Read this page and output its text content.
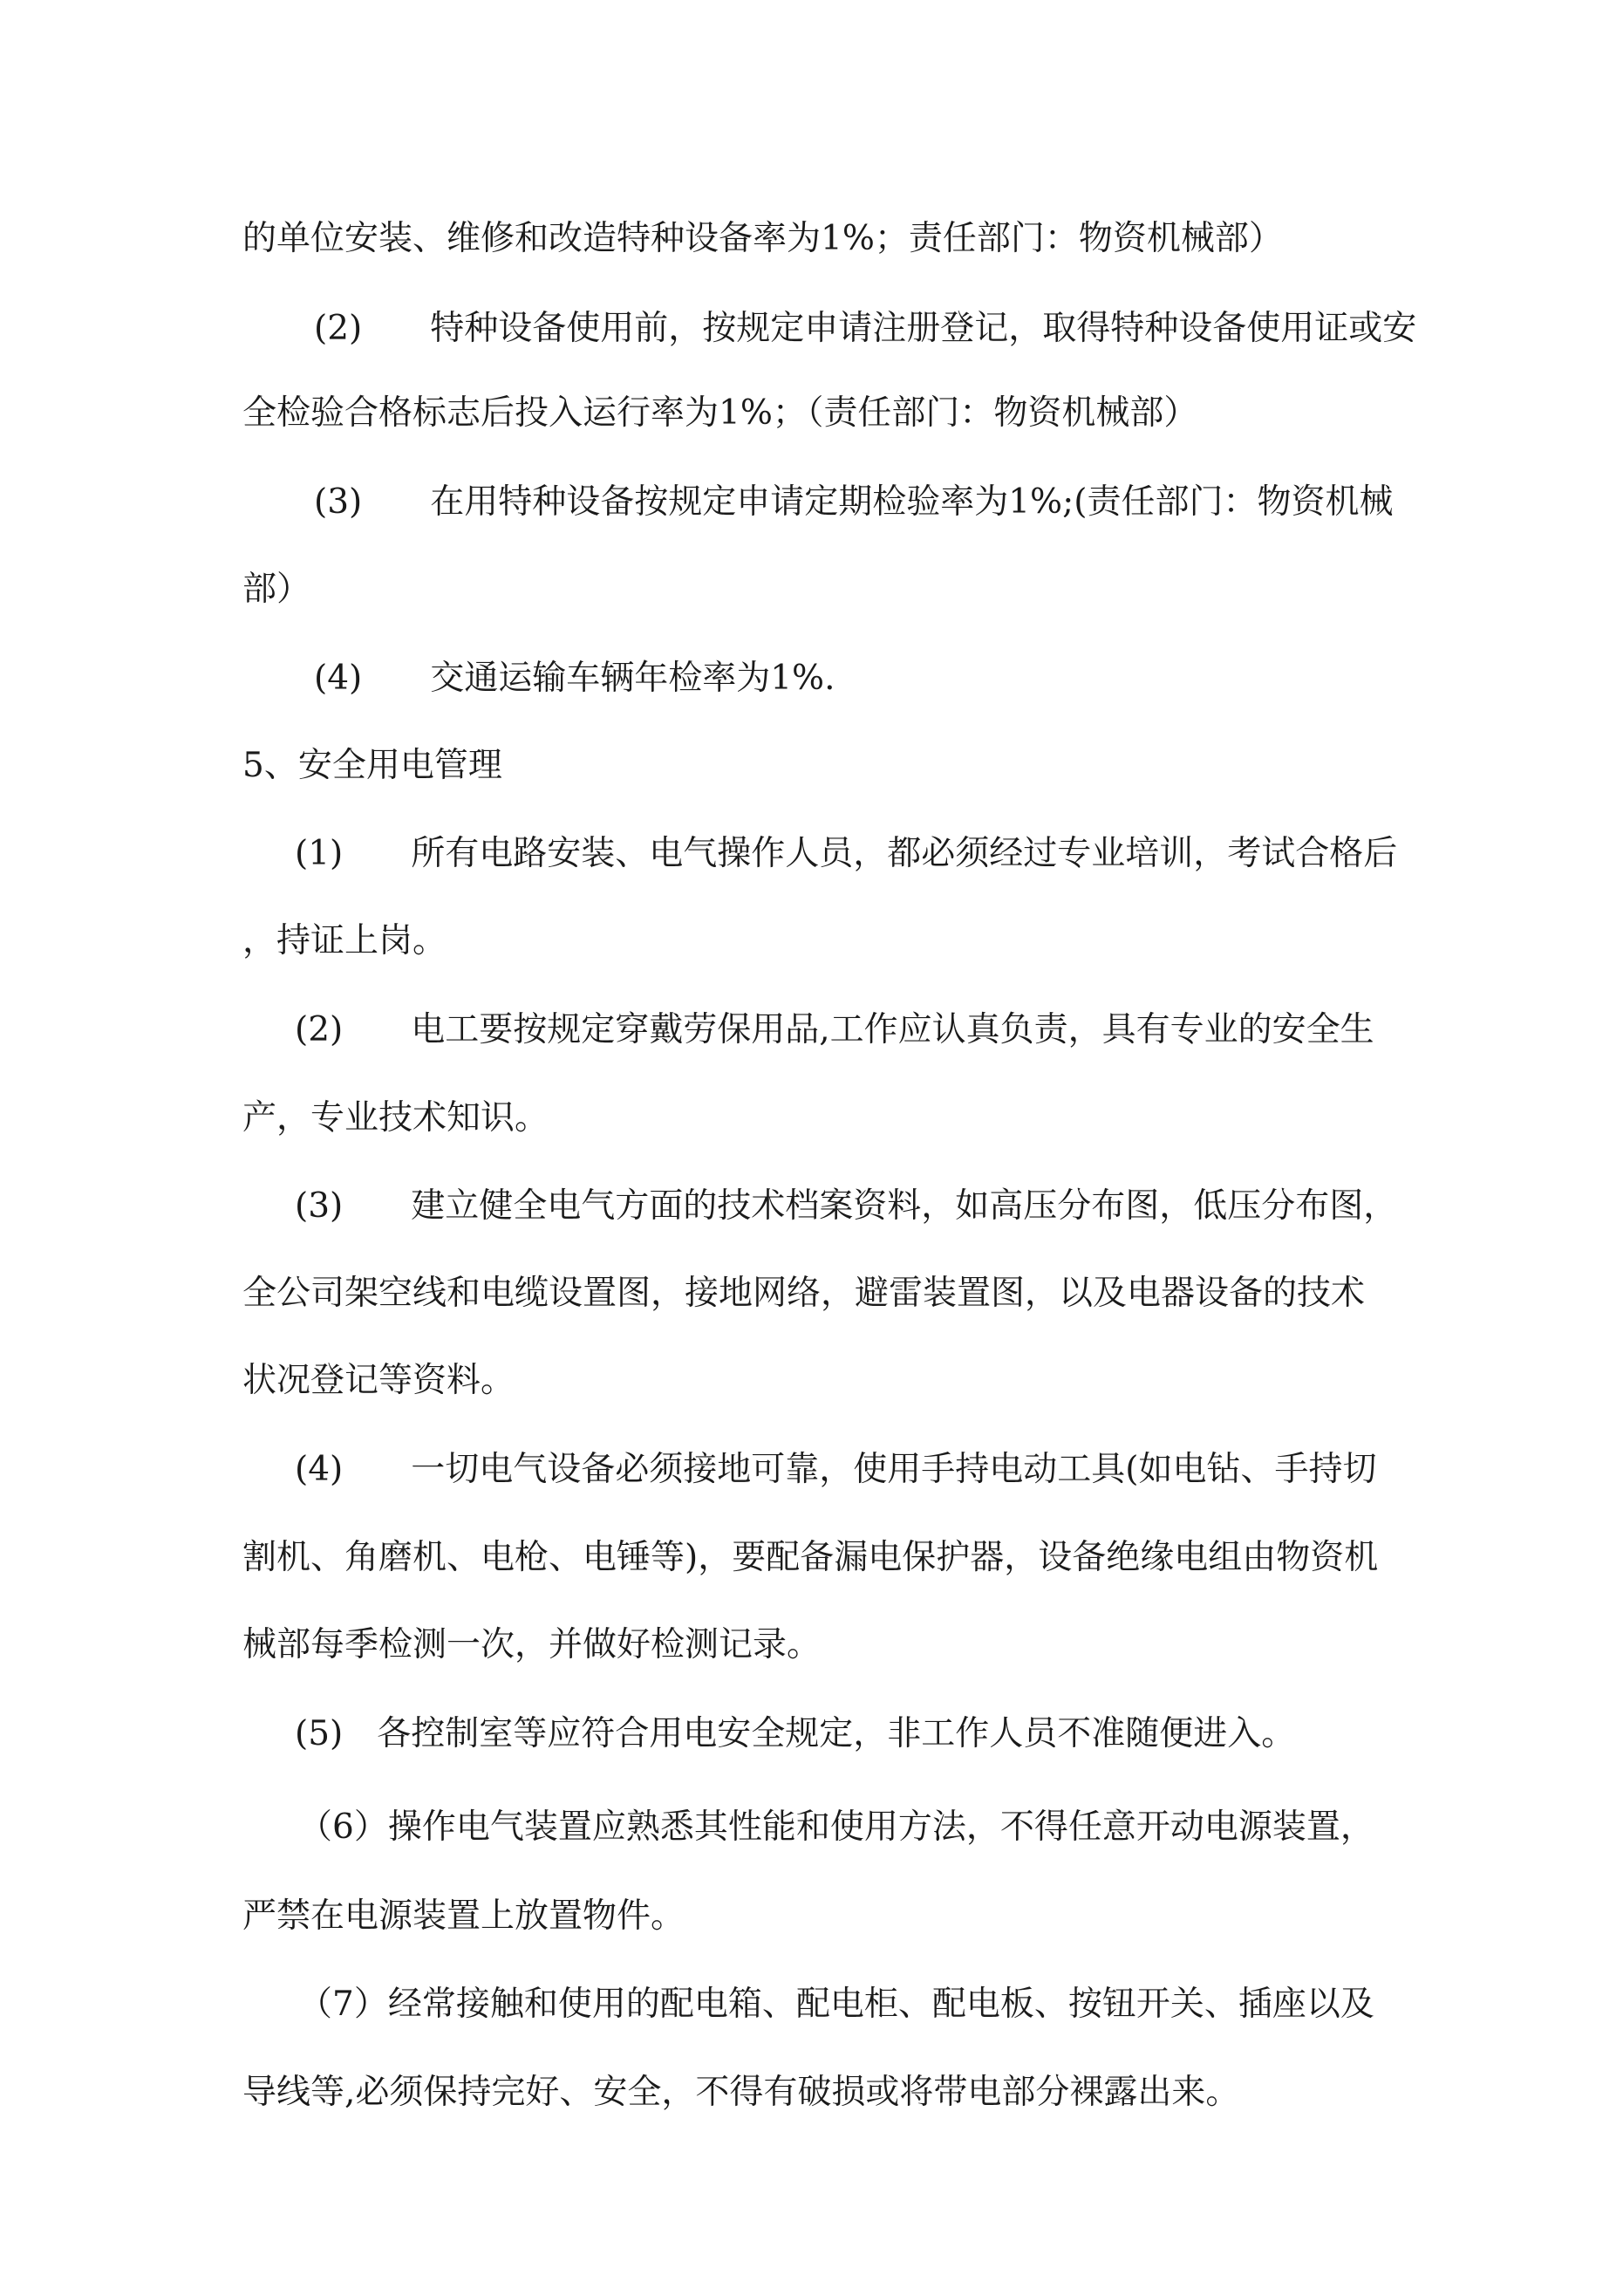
的单位安装、维修和改造特种设备率为1%；责任部门：物资机械部）
(2)　　特种设备使用前，按规定申请注册登记，取得特种设备使用证或安
全检验合格标志后投入运行率为1%；（责任部门：物资机械部）
(3)　　在用特种设备按规定申请定期检验率为1%;(责任部门：物资机械
部）
(4)　　交通运输车辆年检率为1%.
5、安全用电管理
(1)　　所有电路安装、电气操作人员，都必须经过专业培训，考试合格后
，持证上岗。
(2)　　电工要按规定穿戴劳保用品,工作应认真负责，具有专业的安全生
产，专业技术知识。
(3)　　建立健全电气方面的技术档案资料，如高压分布图，低压分布图，
全公司架空线和电缆设置图，接地网络，避雷装置图，以及电器设备的技术
状况登记等资料。
(4)　　一切电气设备必须接地可靠，使用手持电动工具(如电钻、手持切
割机、角磨机、电枪、电锤等)，要配备漏电保护器，设备绝缘电组由物资机
械部每季检测一次，并做好检测记录。
(5)　各控制室等应符合用电安全规定，非工作人员不准随便进入。
（6）操作电气装置应熟悉其性能和使用方法，不得任意开动电源装置，
严禁在电源装置上放置物件。
（7）经常接触和使用的配电箱、配电柜、配电板、按钮开关、插座以及
导线等,必须保持完好、安全，不得有破损或将带电部分裸露出来。
